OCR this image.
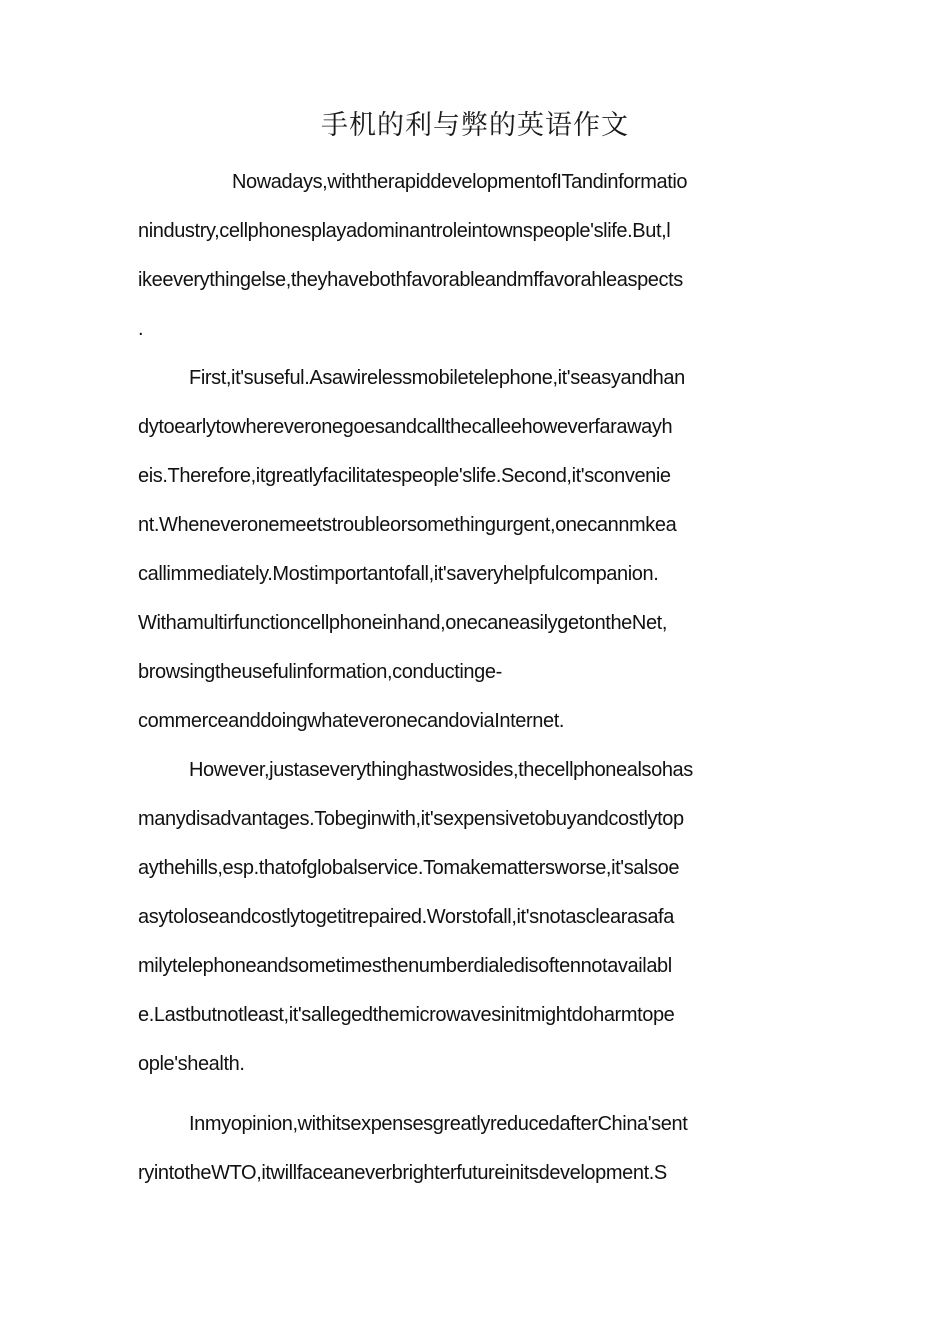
手机的利与弊的英语作文
Nowadays,withtherapiddevelopmentofITandinformatio
nindustry,cellphonesplayadominantroleintownspeople'slife.But,l
ikeeverythingelse,theyhavebothfavorableandmffavorahleaspects
.
First,it'suseful.Asawirelessmobiletelephone,it'seasyandhan
dytoearlytowhereveronegoesandcallthecalleehoweverfarawayh
eis.Therefore,itgreatlyfacilitatespeople'slife.Second,it'sconvenie
nt.Wheneveronemeetstroubleorsomethingurgent,onecannmkea
callimmediately.Mostimportantofall,it'saveryhelpfulcompanion.
Withamultirfunctioncellphoneinhand,onecaneasilygetontheNet,
browsingtheusefulinformation,conductinge-
commerceanddoingwhateveronecandoviaInternet.
However,justaseverythinghastwosides,thecellphonealsohas
manydisadvantages.Tobeginwith,it'sexpensivetobuyandcostlytop
aythehills,esp.thatofglobalservice.Tomakemattersworse,it'salsoe
asytoloseandcostlytogetitrepaired.Worstofall,it'snotasclearasafa
milytelephoneandsometimesthenumberdialedisoftennotavailabl
e.Lastbutnotleast,it'sallegedthemicrowavesinitmightdoharmtope
ople'shealth.
Inmyopinion,withitsexpensesgreatlyreducedafterChina'sent
ryintotheWTO,itwillfaceaneverbrighterfutureinitsdevelopment.S
